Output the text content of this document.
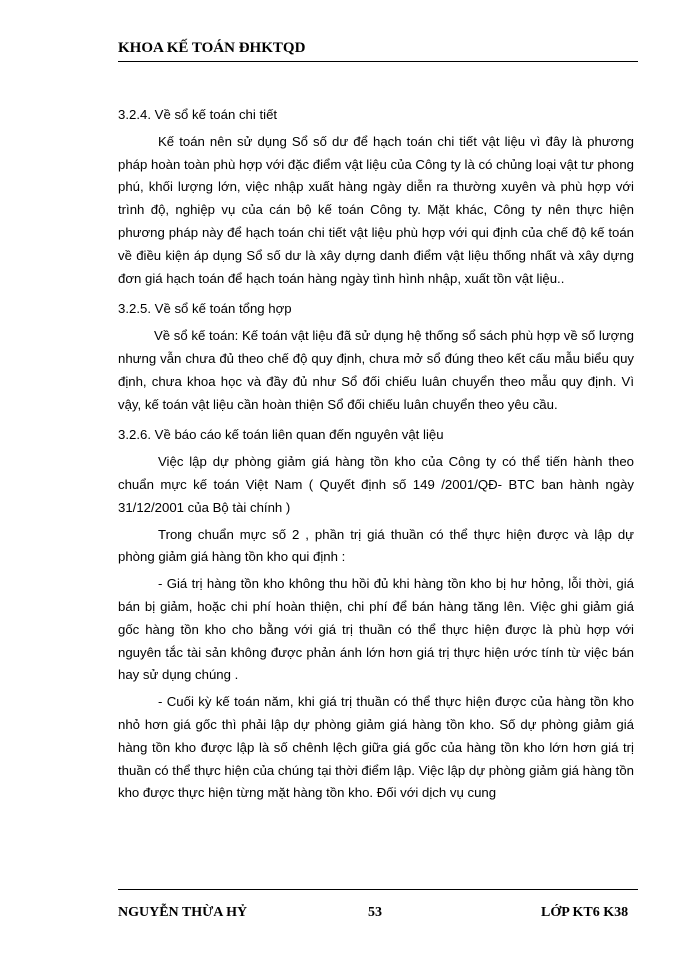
KHOA KẾ TOÁN ĐHKTQD

3.2.4. Về sổ kế toán chi tiết

Kế toán nên sử dụng Sổ số dư để hạch toán chi tiết vật liệu vì đây là phương pháp hoàn toàn phù hợp với đặc điểm vật liệu của Công ty là có chủng loại vật tư phong phú, khối lượng lớn, việc nhập xuất hàng ngày diễn ra thường xuyên và phù hợp với trình độ, nghiệp vụ của cán bộ kế toán Công ty. Mặt khác, Công ty nên thực hiện phương pháp này để hạch toán chi tiết vật liệu phù hợp với qui định của chế độ kế toán về điều kiện áp dụng Sổ số dư là xây dựng danh điểm vật liệu thống nhất và xây dựng đơn giá hạch toán để hạch toán hàng ngày tình hình nhập, xuất tồn vật liệu..

3.2.5. Về sổ kế toán tổng hợp

Về sổ kế toán: Kế toán vật liệu đã sử dụng hệ thống sổ sách phù hợp về số lượng nhưng vẫn chưa đủ theo chế độ quy định, chưa mở sổ đúng theo kết cấu mẫu biểu quy định, chưa khoa học và đầy đủ như Sổ đối chiếu luân chuyển theo mẫu quy định. Vì vậy, kế toán vật liệu cần hoàn thiện Sổ đối chiếu luân chuyển theo yêu cầu.

3.2.6. Về báo cáo kế toán liên quan đến nguyên vật liệu

Việc lập dự phòng giảm giá hàng tồn kho của Công ty có thể tiến hành theo chuẩn mực kế toán Việt Nam ( Quyết định số 149 /2001/QĐ- BTC ban hành ngày 31/12/2001 của Bộ tài chính )

Trong chuẩn mực số 2 , phần trị giá thuần có thể thực hiện được và lập dự phòng giảm giá hàng tồn kho qui định :

- Giá trị hàng tồn kho không thu hồi đủ khi hàng tồn kho bị hư hỏng, lỗi thời, giá bán bị giảm, hoặc chi phí hoàn thiện, chi phí để bán hàng tăng lên. Việc ghi giảm giá gốc hàng tồn kho cho bằng với giá trị thuần có thể thực hiện được là phù hợp với nguyên tắc tài sản không được phản ánh lớn hơn giá trị thực hiện ước tính từ việc bán hay sử dụng chúng .

- Cuối kỳ kế toán năm, khi giá trị thuần có thể thực hiện được của hàng tồn kho nhỏ hơn giá gốc thì phải lập dự phòng giảm giá hàng tồn kho. Số dự phòng giảm giá hàng tồn kho được lập là số chênh lệch giữa giá gốc của hàng tồn kho lớn hơn giá trị thuần có thể thực hiện của chúng tại thời điểm lập. Việc lập dự phòng giảm giá hàng tồn kho được thực hiện từng mặt hàng tồn kho. Đối với dịch vụ cung

NGUYỄN THỪA HỶ	53	LỚP KT6 K38
